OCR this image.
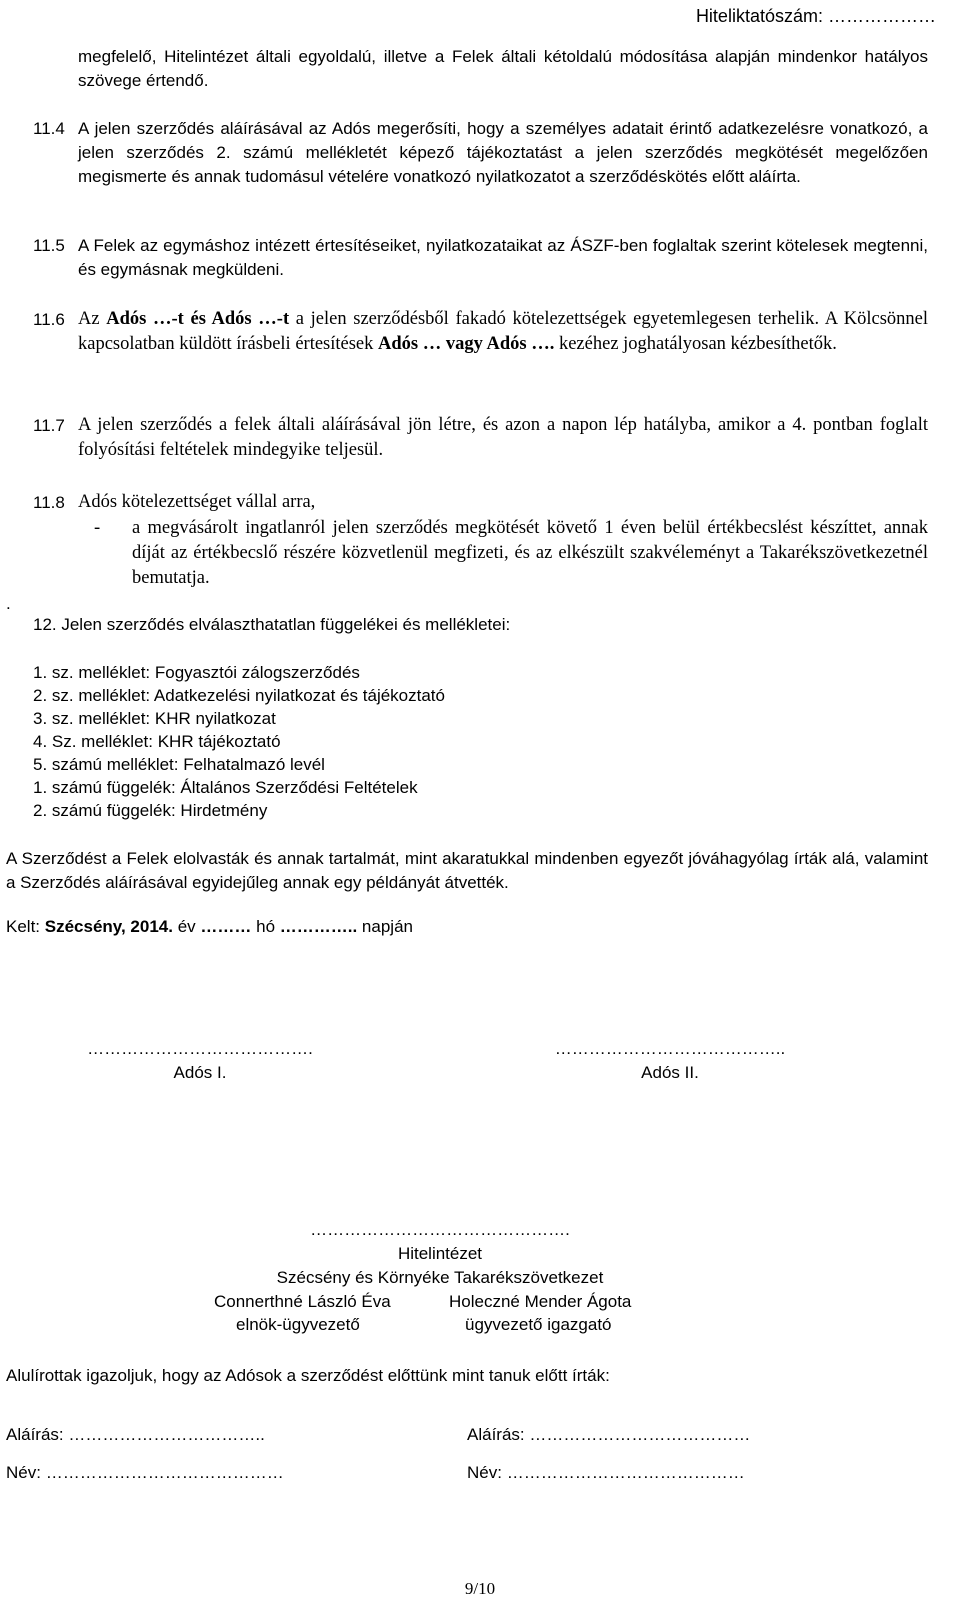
Hiteliktatószám: ………………
megfelelő, Hitelintézet általi egyoldalú, illetve a Felek általi kétoldalú módosítása alapján mindenkor hatályos szövege értendő.
11.4 A jelen szerződés aláírásával az Adós megerősíti, hogy a személyes adatait érintő adatkezelésre vonatkozó, a jelen szerződés 2. számú mellékletét képező tájékoztatást a jelen szerződés megkötését megelőzően megismerte és annak tudomásul vételére vonatkozó nyilatkozatot a szerződéskötés előtt aláírta.
11.5 A Felek az egymáshoz intézett értesítéseiket, nyilatkozataikat az ÁSZF-ben foglaltak szerint kötelesek megtenni, és egymásnak megküldeni.
11.6 Az Adós …-t és Adós …-t a jelen szerződésből fakadó kötelezettségek egyetemlegesen terhelik. A Kölcsönnel kapcsolatban küldött írásbeli értesítések Adós … vagy Adós …. kezéhez joghatályosan kézbesíthetők.
11.7 A jelen szerződés a felek általi aláírásával jön létre, és azon a napon lép hatályba, amikor a 4. pontban foglalt folyósítási feltételek mindegyike teljesül.
11.8 Adós kötelezettséget vállal arra,
- a megvásárolt ingatlanról jelen szerződés megkötését követő 1 éven belül értékbecslést készíttet, annak díját az értékbecslő részére közvetlenül megfizeti, és az elkészült szakvéleményt a Takarékszövetkezetnél bemutatja.
.
12. Jelen szerződés elválaszthatatlan függelékei és mellékletei:
1. sz. melléklet: Fogyasztói zálogszerződés
2. sz. melléklet: Adatkezelési nyilatkozat és tájékoztató
3. sz. melléklet: KHR nyilatkozat
4. Sz. melléklet: KHR tájékoztató
5. számú melléklet: Felhatalmazó levél
1. számú függelék: Általános Szerződési Feltételek
2. számú függelék: Hirdetmény
A Szerződést a Felek elolvasták és annak tartalmát, mint akaratukkal mindenben egyezőt jóváhagyólag írták alá, valamint a Szerződés aláírásával egyidejűleg annak egy példányát átvették.
Kelt: Szécsény, 2014. év ……… hó ………….. napján
………………………………….
Adós I.
…………………………………..
Adós II.
……………………………………….
Hitelintézet
Szécsény és Környéke Takarékszövetkezet
Connerthné László Éva	Holeczné Mender Ágota
elnök-ügyvezető	ügyvezető igazgató
Alulírottak igazoljuk, hogy az Adósok a szerződést előttünk mint tanuk előtt írták:
Aláírás: ……………………………..	Aláírás: …………………………………
Név: ……………………………………	Név: ……………………………………
9/10
